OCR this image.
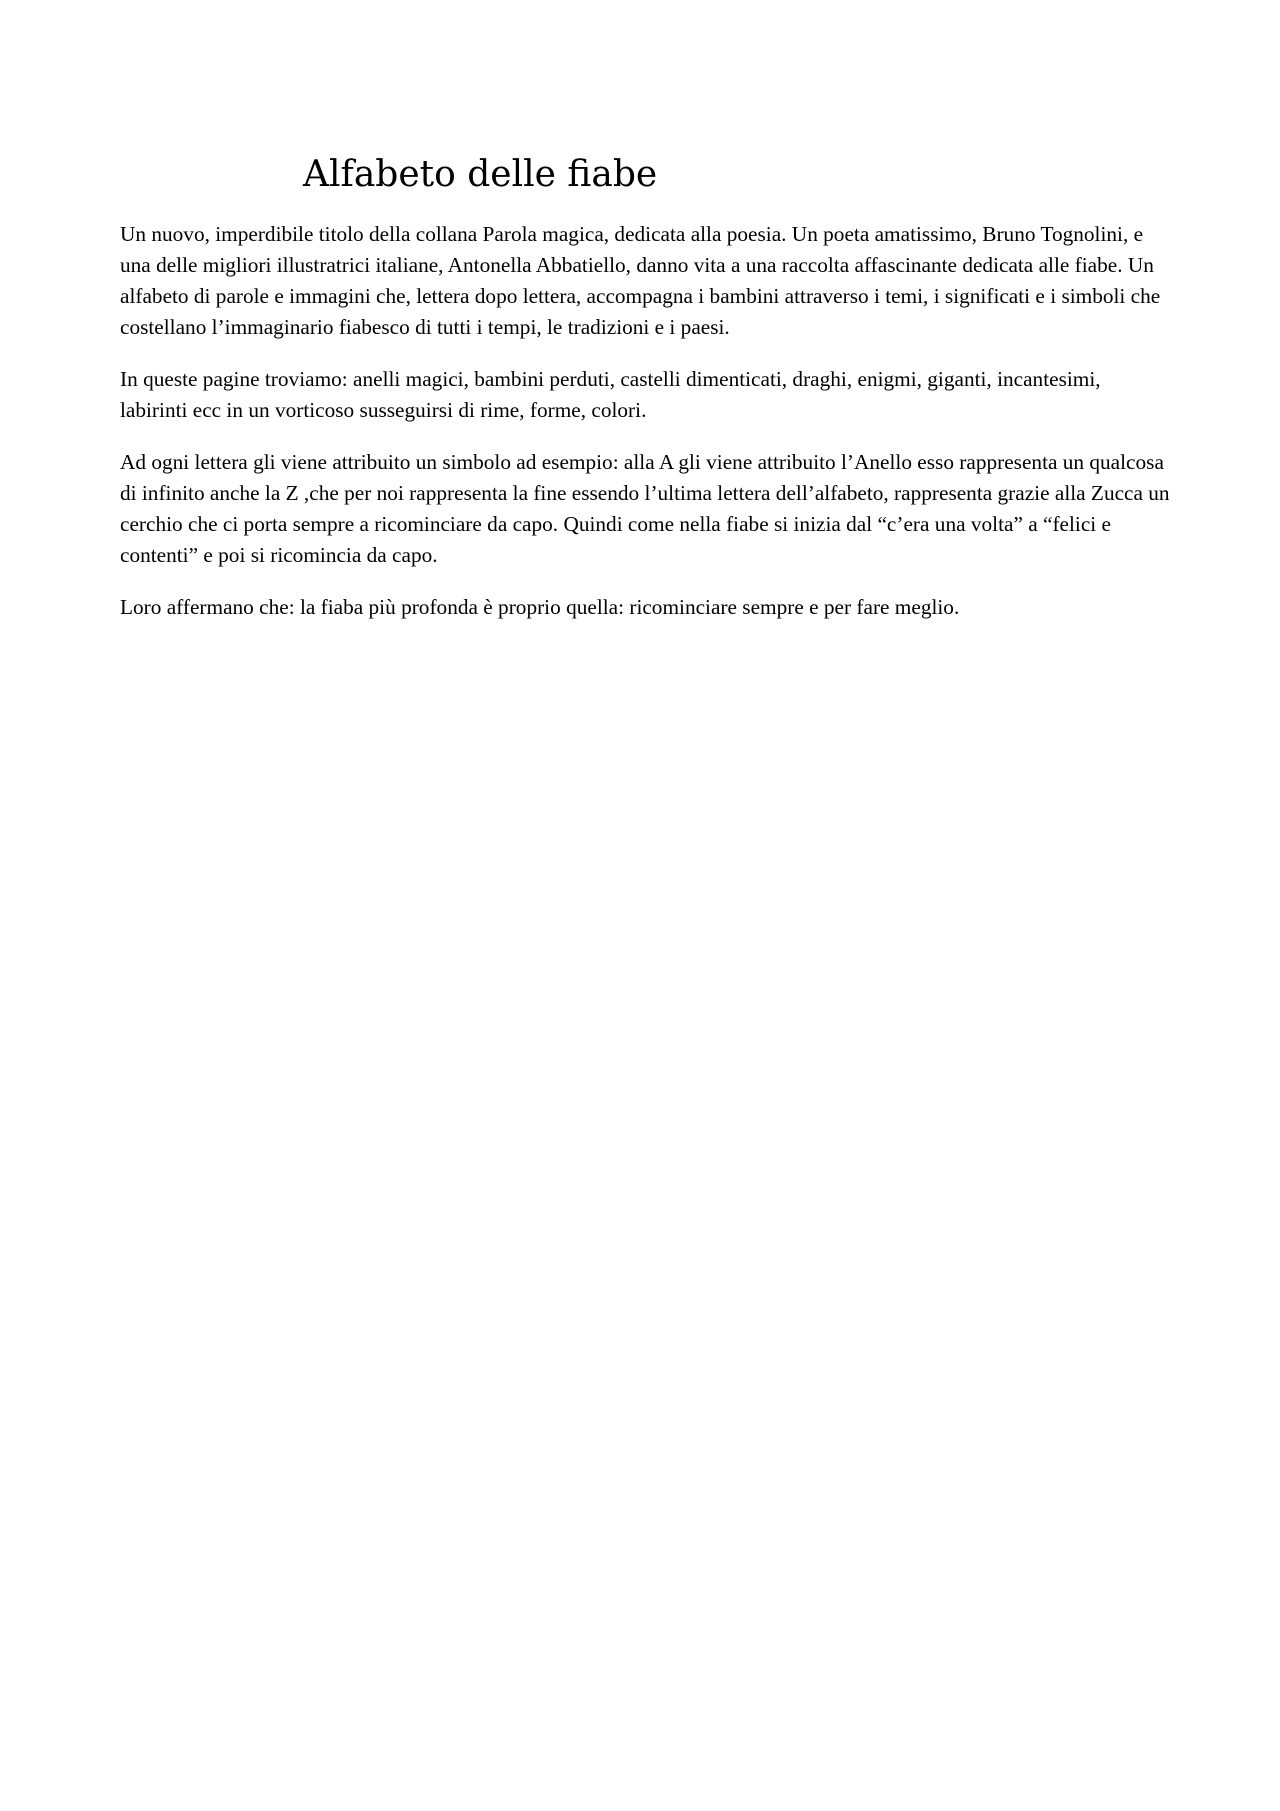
Alfabeto delle fiabe

Un nuovo, imperdibile titolo della collana Parola magica, dedicata alla poesia. Un poeta amatissimo, Bruno Tognolini, e una delle migliori illustratrici italiane, Antonella Abbatiello, danno vita a una raccolta affascinante dedicata alle fiabe. Un alfabeto di parole e immagini che, lettera dopo lettera, accompagna i bambini attraverso i temi, i significati e i simboli che costellano l’immaginario fiabesco di tutti i tempi, le tradizioni e i paesi.

In queste pagine troviamo: anelli magici, bambini perduti, castelli dimenticati, draghi, enigmi, giganti, incantesimi, labirinti ecc in un vorticoso susseguirsi di rime, forme, colori.

Ad ogni lettera gli viene attribuito un simbolo ad esempio: alla A gli viene attribuito l’Anello esso rappresenta un qualcosa di infinito anche la Z ,che per noi rappresenta la fine essendo l’ultima lettera dell’alfabeto, rappresenta grazie alla Zucca un cerchio che ci porta sempre a ricominciare da capo. Quindi come nella fiabe si inizia dal “c’era una volta” a “felici e contenti” e poi si ricomincia da capo.

Loro affermano che: la fiaba più profonda è proprio quella: ricominciare sempre e per fare meglio.
